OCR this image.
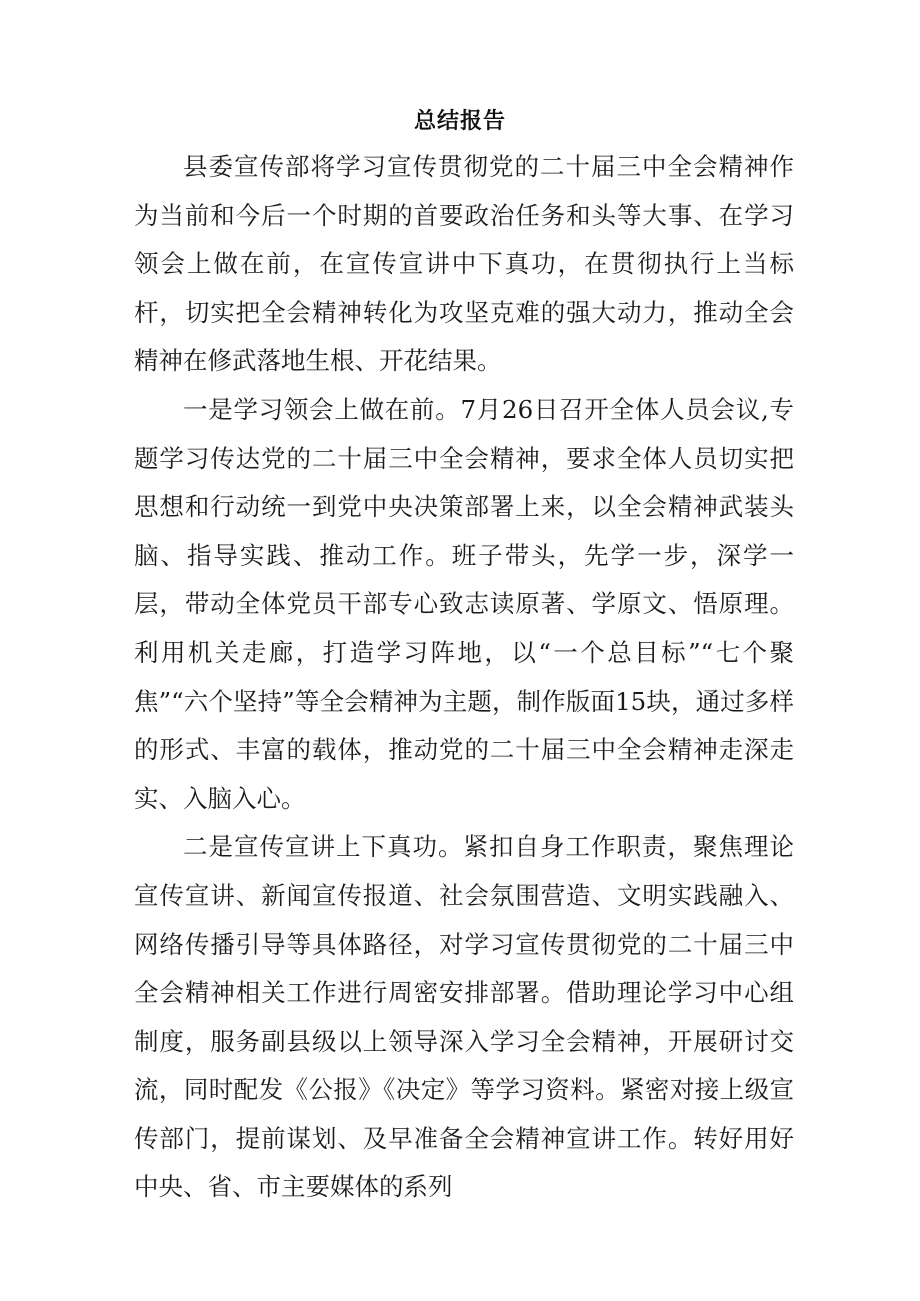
总结报告

县委宣传部将学习宣传贯彻党的二十届三中全会精神作为当前和今后一个时期的首要政治任务和头等大事、在学习领会上做在前，在宣传宣讲中下真功，在贯彻执行上当标杆，切实把全会精神转化为攻坚克难的强大动力，推动全会精神在修武落地生根、开花结果。

一是学习领会上做在前。7月26日召开全体人员会议,专题学习传达党的二十届三中全会精神，要求全体人员切实把思想和行动统一到党中央决策部署上来，以全会精神武装头脑、指导实践、推动工作。班子带头，先学一步，深学一层，带动全体党员干部专心致志读原著、学原文、悟原理。利用机关走廊，打造学习阵地，以“一个总目标”“七个聚焦”“六个坚持”等全会精神为主题，制作版面15块，通过多样的形式、丰富的载体，推动党的二十届三中全会精神走深走实、入脑入心。

二是宣传宣讲上下真功。紧扣自身工作职责，聚焦理论宣传宣讲、新闻宣传报道、社会氛围营造、文明实践融入、网络传播引导等具体路径，对学习宣传贯彻党的二十届三中全会精神相关工作进行周密安排部署。借助理论学习中心组制度，服务副县级以上领导深入学习全会精神，开展研讨交流，同时配发《公报》《决定》等学习资料。紧密对接上级宣传部门，提前谋划、及早准备全会精神宣讲工作。转好用好中央、省、市主要媒体的系列
